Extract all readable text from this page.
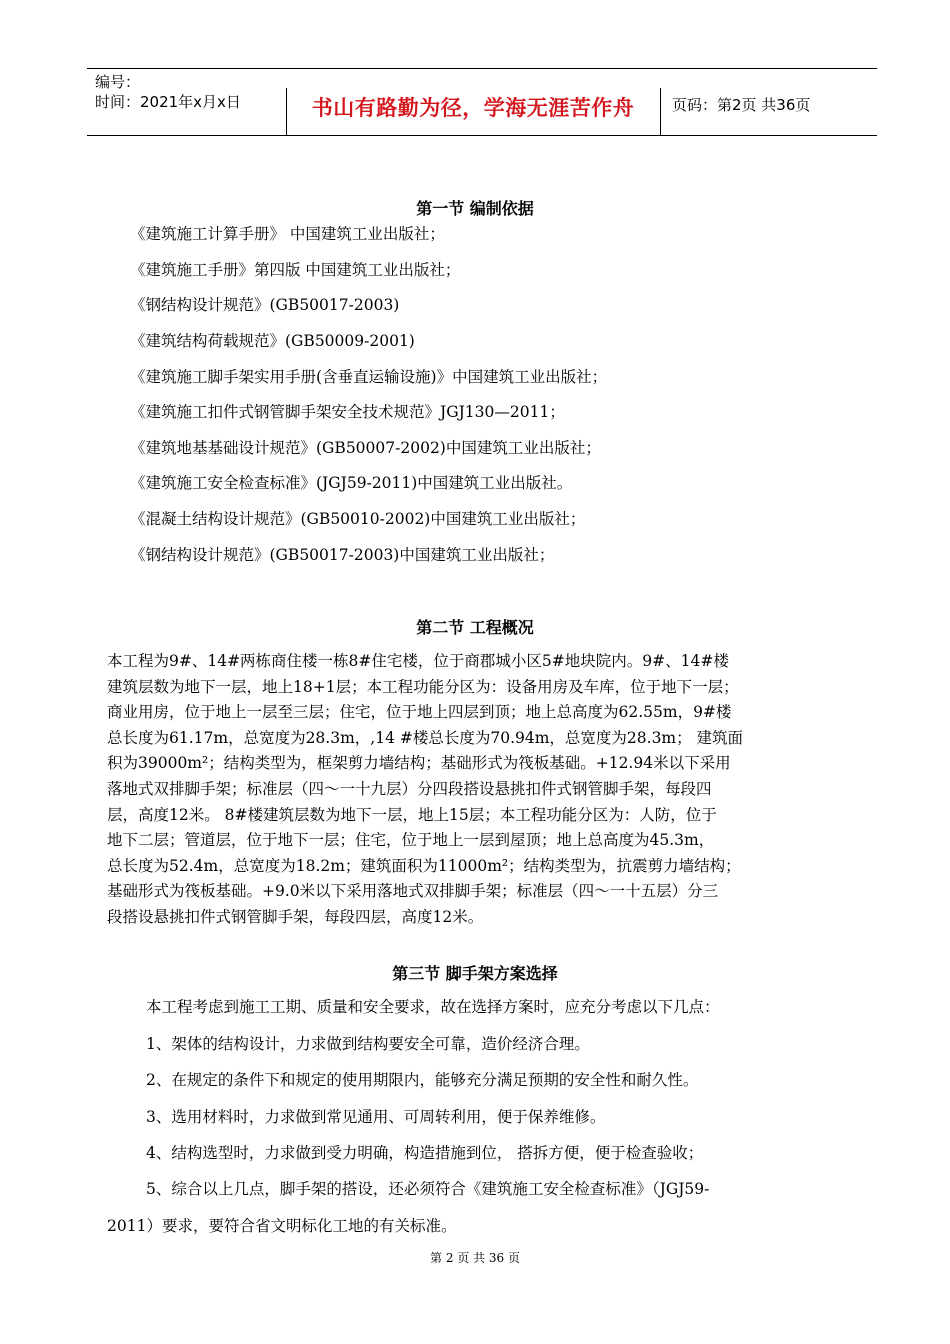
编号：
时间：2021年x月x日	书山有路勤为径，学海无涯苦作舟	页码：第2页 共36页
第一节 编制依据
《建筑施工计算手册》 中国建筑工业出版社；
《建筑施工手册》第四版 中国建筑工业出版社；
《钢结构设计规范》(GB50017-2003)
《建筑结构荷载规范》(GB50009-2001)
《建筑施工脚手架实用手册(含垂直运输设施)》中国建筑工业出版社；
《建筑施工扣件式钢管脚手架安全技术规范》JGJ130—2011；
《建筑地基基础设计规范》(GB50007-2002)中国建筑工业出版社；
《建筑施工安全检查标准》(JGJ59-2011)中国建筑工业出版社。
《混凝土结构设计规范》(GB50010-2002)中国建筑工业出版社；
《钢结构设计规范》(GB50017-2003)中国建筑工业出版社；
第二节 工程概况

本工程为9#、14#两栋商住楼一栋8#住宅楼，位于商郡城小区5#地块院内。9#、14#楼

建筑层数为地下一层，地上18+1层；本工程功能分区为：设备用房及车库，位于地下一层；

商业用房，位于地上一层至三层；住宅，位于地上四层到顶；地上总高度为62.55m，9#楼

总长度为61.17m，总宽度为28.3m，,14 #楼总长度为70.94m，总宽度为28.3m； 建筑面

积为39000m²；结构类型为，框架剪力墙结构；基础形式为筏板基础。+12.94米以下采用

落地式双排脚手架；标准层（四～一十九层）分四段搭设悬挑扣件式钢管脚手架，每段四

层，高度12米。 8#楼建筑层数为地下一层，地上15层；本工程功能分区为：人防，位于

地下二层；管道层，位于地下一层；住宅，位于地上一层到屋顶；地上总高度为45.3m，

总长度为52.4m，总宽度为18.2m；建筑面积为11000m²；结构类型为，抗震剪力墙结构；

基础形式为筏板基础。+9.0米以下采用落地式双排脚手架；标准层（四～一十五层）分三

段搭设悬挑扣件式钢管脚手架，每段四层，高度12米。

第三节 脚手架方案选择
本工程考虑到施工工期、质量和安全要求，故在选择方案时，应充分考虑以下几点：
1、架体的结构设计，力求做到结构要安全可靠，造价经济合理。
2、在规定的条件下和规定的使用期限内，能够充分满足预期的安全性和耐久性。
3、选用材料时，力求做到常见通用、可周转利用，便于保养维修。
4、结构选型时，力求做到受力明确，构造措施到位， 搭拆方便，便于检查验收；
5、综合以上几点，脚手架的搭设，还必须符合《建筑施工安全检查标准》（JGJ59-
2011）要求，要符合省文明标化工地的有关标准。
第 2 页 共 36 页
